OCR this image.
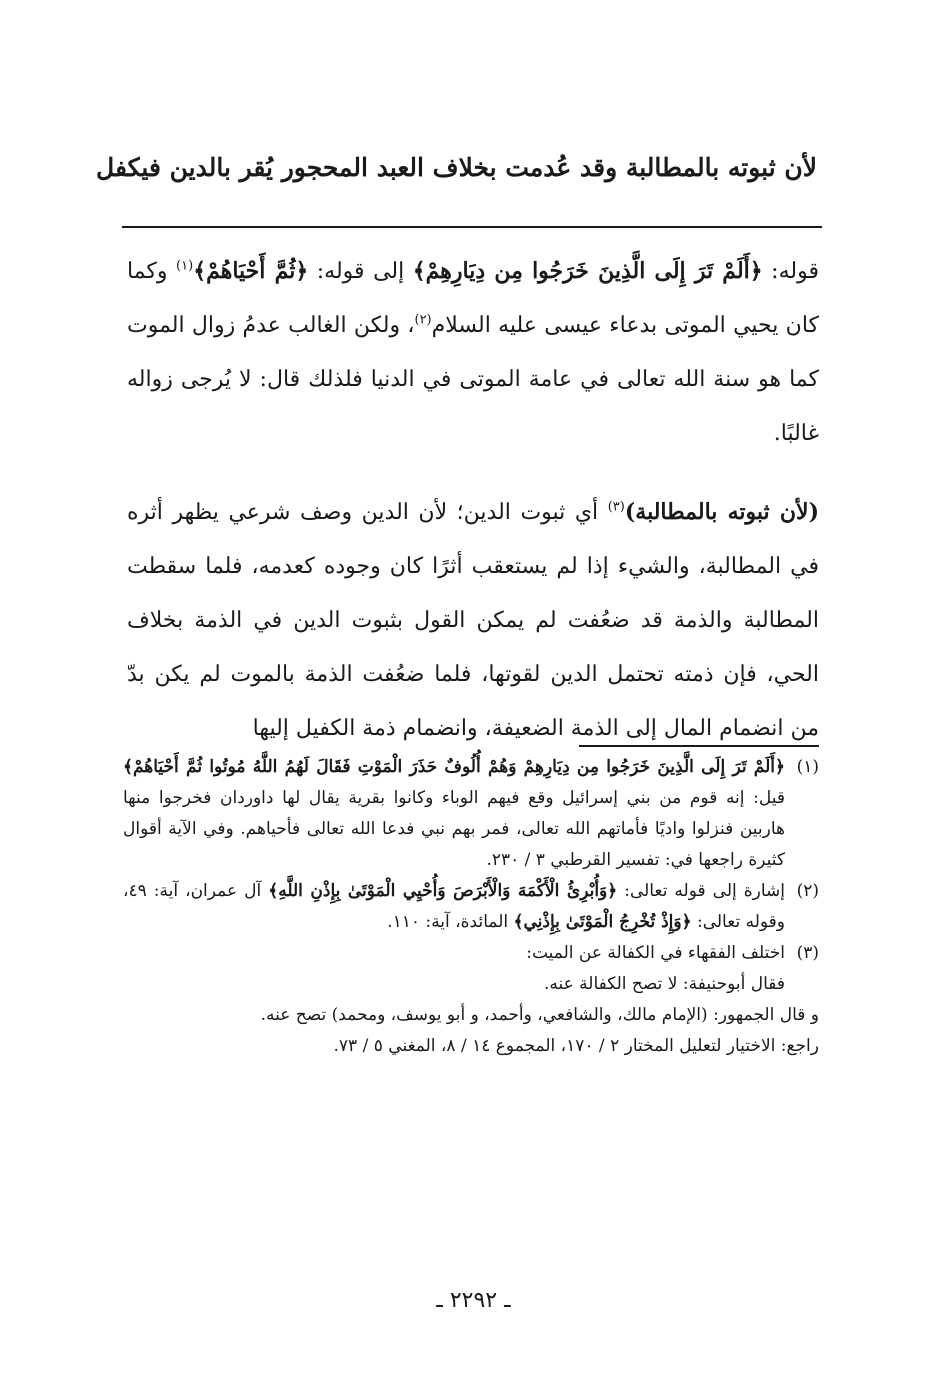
لأن ثبوته بالمطالبة وقد عُدمت بخلاف العبد المحجور يُقر بالدين فيكفل

قوله: ﴿أَلَمْ تَرَ إِلَى الَّذِينَ خَرَجُوا مِن دِيَارِهِمْ﴾ إلى قوله: ﴿ثُمَّ أَحْيَاهُمْ﴾$^{(١)}$ وكما كان يحيي الموتى بدعاء عيسى عليه السلام$^{(٢)}$، ولكن الغالب عدمُ زوال الموت كما هو سنة الله تعالى في عامة الموتى في الدنيا فلذلك قال: لا يُرجى زواله غالبًا.

(لأن ثبوته بالمطالبة)$^{(٣)}$ أي ثبوت الدين؛ لأن الدين وصف شرعي يظهر أثره في المطالبة، والشيء إذا لم يستعقب أثرًا كان وجوده كعدمه، فلما سقطت المطالبة والذمة قد ضعُفت لم يمكن القول بثبوت الدين في الذمة بخلاف الحي، فإن ذمته تحتمل الدين لقوتها، فلما ضعُفت الذمة بالموت لم يكن بدّ من انضمام المال إلى الذمة الضعيفة، وانضمام ذمة الكفيل إليها

(١)
﴿أَلَمْ تَرَ إِلَى الَّذِينَ خَرَجُوا مِن دِيَارِهِمْ وَهُمْ أُلُوفٌ حَذَرَ الْمَوْتِ فَقَالَ لَهُمُ اللَّهُ مُوتُوا ثُمَّ أَحْيَاهُمْ﴾ قيل: إنه قوم من بني إسرائيل وقع فيهم الوباء وكانوا بقرية يقال لها داوردان فخرجوا منها هاربين فنزلوا واديًا فأماتهم الله تعالى، فمر بهم نبي فدعا الله تعالى فأحياهم. وفي الآية أقوال كثيرة راجعها في: تفسير القرطبي ٣ / ٢٣٠.
(٢)
إشارة إلى قوله تعالى: ﴿وَأُبْرِئُ الْأَكْمَهَ وَالْأَبْرَصَ وَأُحْيِي الْمَوْتَىٰ بِإِذْنِ اللَّهِ﴾ آل عمران، آية: ٤٩، وقوله تعالى: ﴿وَإِذْ تُخْرِجُ الْمَوْتَىٰ بِإِذْنِي﴾ المائدة، آية: ١١٠.
(٣)
اختلف الفقهاء في الكفالة عن الميت:
فقال أبوحنيفة: لا تصح الكفالة عنه.
و قال الجمهور: (الإمام مالك، والشافعي، وأحمد، و أبو يوسف، ومحمد) تصح عنه.
راجع: الاختيار لتعليل المختار ٢ / ١٧٠، المجموع ١٤ / ٨، المغني ٥ / ٧٣.
ـ ٢٢٩٢ ـ
